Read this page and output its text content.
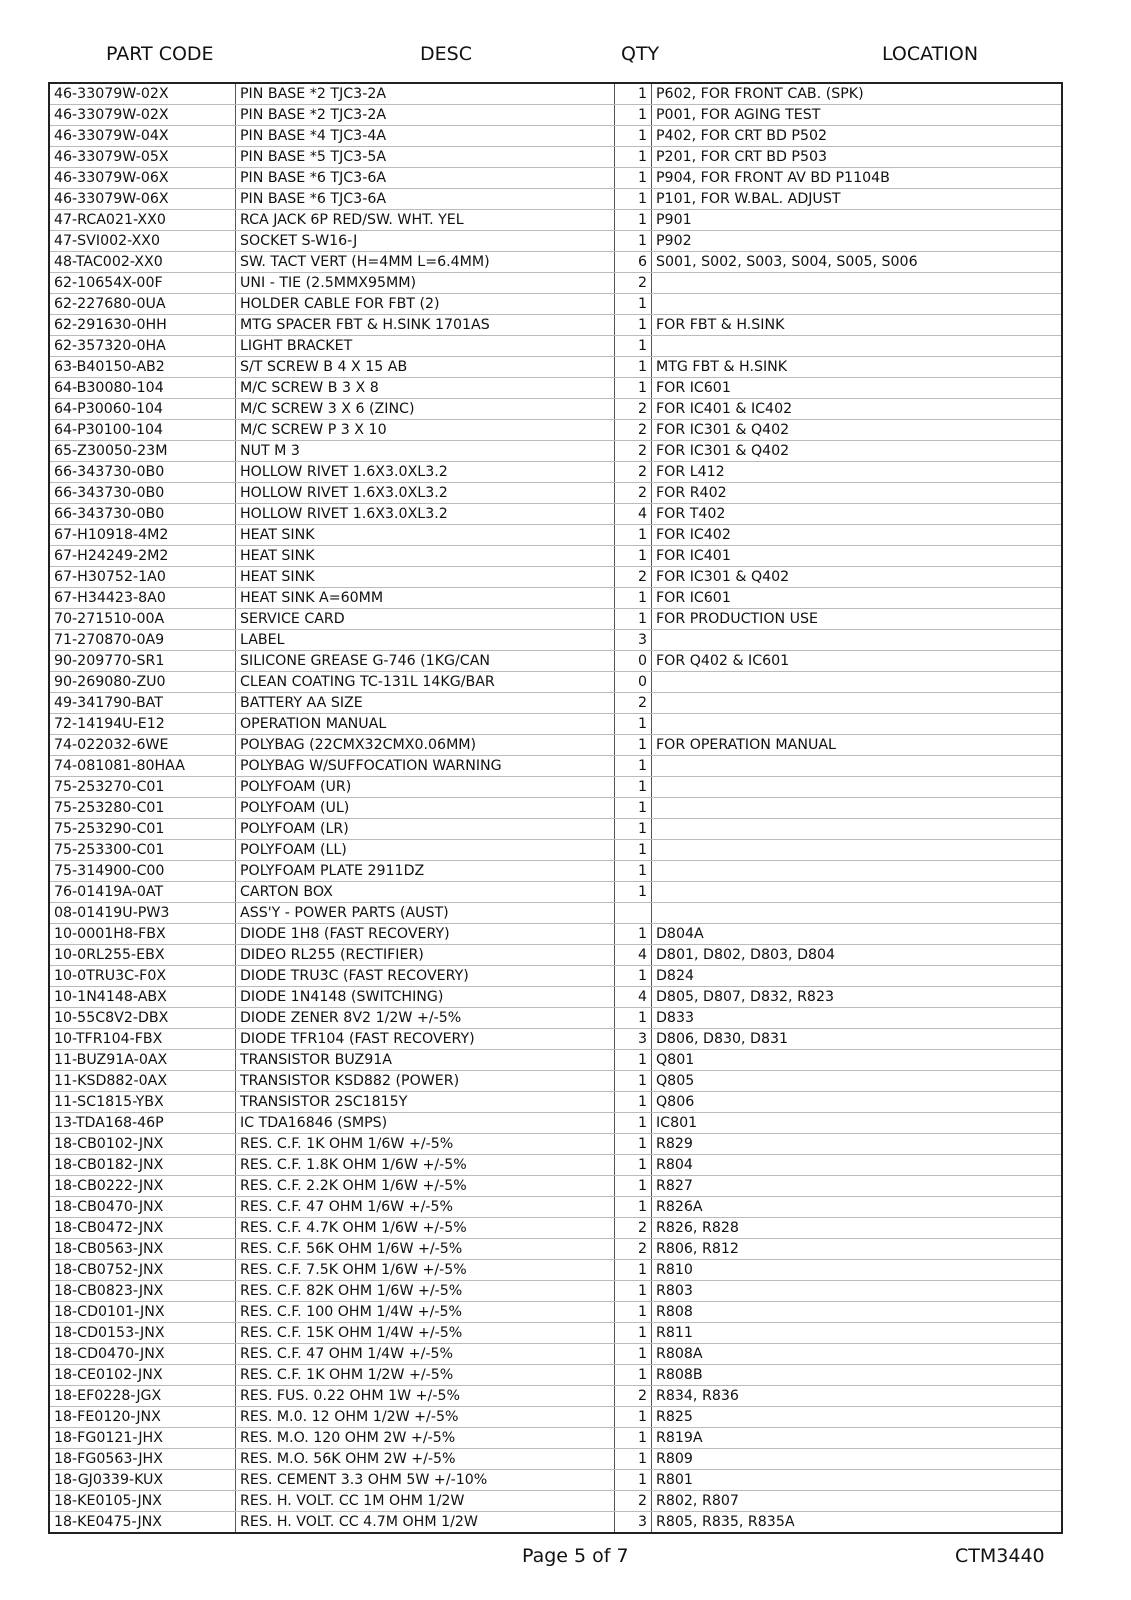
PART CODE	DESC	QTY	LOCATION
46-33079W-02X	PIN BASE *2 TJC3-2A	1	P602, FOR FRONT CAB. (SPK)
46-33079W-02X	PIN BASE *2 TJC3-2A	1	P001, FOR AGING TEST
46-33079W-04X	PIN BASE *4 TJC3-4A	1	P402, FOR CRT BD P502
46-33079W-05X	PIN BASE *5 TJC3-5A	1	P201, FOR CRT BD P503
46-33079W-06X	PIN BASE *6 TJC3-6A	1	P904, FOR FRONT AV BD P1104B
46-33079W-06X	PIN BASE *6 TJC3-6A	1	P101, FOR W.BAL. ADJUST
47-RCA021-XX0	RCA JACK 6P RED/SW. WHT. YEL	1	P901
47-SVI002-XX0	SOCKET S-W16-J	1	P902
48-TAC002-XX0	SW. TACT VERT (H=4MM L=6.4MM)	6	S001, S002, S003, S004, S005, S006
62-10654X-00F	UNI - TIE (2.5MMX95MM)	2	
62-227680-0UA	HOLDER CABLE FOR FBT (2)	1	
62-291630-0HH	MTG SPACER FBT & H.SINK 1701AS	1	FOR FBT & H.SINK
62-357320-0HA	LIGHT BRACKET	1	
63-B40150-AB2	S/T SCREW B 4 X 15 AB	1	MTG FBT & H.SINK
64-B30080-104	M/C SCREW B 3 X 8	1	FOR IC601
64-P30060-104	M/C SCREW 3 X 6 (ZINC)	2	FOR IC401 & IC402
64-P30100-104	M/C SCREW P 3 X 10	2	FOR IC301 & Q402
65-Z30050-23M	NUT M 3	2	FOR IC301 & Q402
66-343730-0B0	HOLLOW RIVET 1.6X3.0XL3.2	2	FOR L412
66-343730-0B0	HOLLOW RIVET 1.6X3.0XL3.2	2	FOR R402
66-343730-0B0	HOLLOW RIVET 1.6X3.0XL3.2	4	FOR T402
67-H10918-4M2	HEAT SINK	1	FOR IC402
67-H24249-2M2	HEAT SINK	1	FOR IC401
67-H30752-1A0	HEAT SINK	2	FOR IC301 & Q402
67-H34423-8A0	HEAT SINK A=60MM	1	FOR IC601
70-271510-00A	SERVICE CARD	1	FOR PRODUCTION USE
71-270870-0A9	LABEL	3	
90-209770-SR1	SILICONE GREASE G-746 (1KG/CAN	0	FOR Q402 & IC601
90-269080-ZU0	CLEAN COATING TC-131L 14KG/BAR	0	
49-341790-BAT	BATTERY AA SIZE	2	
72-14194U-E12	OPERATION MANUAL	1	
74-022032-6WE	POLYBAG (22CMX32CMX0.06MM)	1	FOR OPERATION MANUAL
74-081081-80HAA	POLYBAG W/SUFFOCATION WARNING	1	
75-253270-C01	POLYFOAM (UR)	1	
75-253280-C01	POLYFOAM (UL)	1	
75-253290-C01	POLYFOAM (LR)	1	
75-253300-C01	POLYFOAM (LL)	1	
75-314900-C00	POLYFOAM PLATE 2911DZ	1	
76-01419A-0AT	CARTON BOX	1	
08-01419U-PW3	ASS'Y - POWER PARTS (AUST)		
10-0001H8-FBX	DIODE 1H8 (FAST RECOVERY)	1	D804A
10-0RL255-EBX	DIDEO RL255 (RECTIFIER)	4	D801, D802, D803, D804
10-0TRU3C-F0X	DIODE TRU3C (FAST RECOVERY)	1	D824
10-1N4148-ABX	DIODE 1N4148 (SWITCHING)	4	D805, D807, D832, R823
10-55C8V2-DBX	DIODE ZENER 8V2 1/2W +/-5%	1	D833
10-TFR104-FBX	DIODE TFR104 (FAST RECOVERY)	3	D806, D830, D831
11-BUZ91A-0AX	TRANSISTOR BUZ91A	1	Q801
11-KSD882-0AX	TRANSISTOR KSD882 (POWER)	1	Q805
11-SC1815-YBX	TRANSISTOR 2SC1815Y	1	Q806
13-TDA168-46P	IC TDA16846 (SMPS)	1	IC801
18-CB0102-JNX	RES. C.F. 1K OHM 1/6W +/-5%	1	R829
18-CB0182-JNX	RES. C.F. 1.8K OHM 1/6W +/-5%	1	R804
18-CB0222-JNX	RES. C.F. 2.2K OHM 1/6W +/-5%	1	R827
18-CB0470-JNX	RES. C.F. 47 OHM 1/6W +/-5%	1	R826A
18-CB0472-JNX	RES. C.F. 4.7K OHM 1/6W +/-5%	2	R826, R828
18-CB0563-JNX	RES. C.F. 56K OHM 1/6W +/-5%	2	R806, R812
18-CB0752-JNX	RES. C.F. 7.5K OHM 1/6W +/-5%	1	R810
18-CB0823-JNX	RES. C.F. 82K OHM 1/6W +/-5%	1	R803
18-CD0101-JNX	RES. C.F. 100 OHM 1/4W +/-5%	1	R808
18-CD0153-JNX	RES. C.F. 15K OHM 1/4W +/-5%	1	R811
18-CD0470-JNX	RES. C.F. 47 OHM 1/4W +/-5%	1	R808A
18-CE0102-JNX	RES. C.F. 1K OHM 1/2W +/-5%	1	R808B
18-EF0228-JGX	RES. FUS. 0.22 OHM 1W +/-5%	2	R834, R836
18-FE0120-JNX	RES. M.0. 12 OHM 1/2W +/-5%	1	R825
18-FG0121-JHX	RES. M.O. 120 OHM 2W +/-5%	1	R819A
18-FG0563-JHX	RES. M.O. 56K OHM 2W +/-5%	1	R809
18-GJ0339-KUX	RES. CEMENT 3.3 OHM 5W +/-10%	1	R801
18-KE0105-JNX	RES. H. VOLT. CC 1M OHM 1/2W	2	R802, R807
18-KE0475-JNX	RES. H. VOLT. CC 4.7M OHM 1/2W	3	R805, R835, R835A
Page 5 of 7	CTM3440
